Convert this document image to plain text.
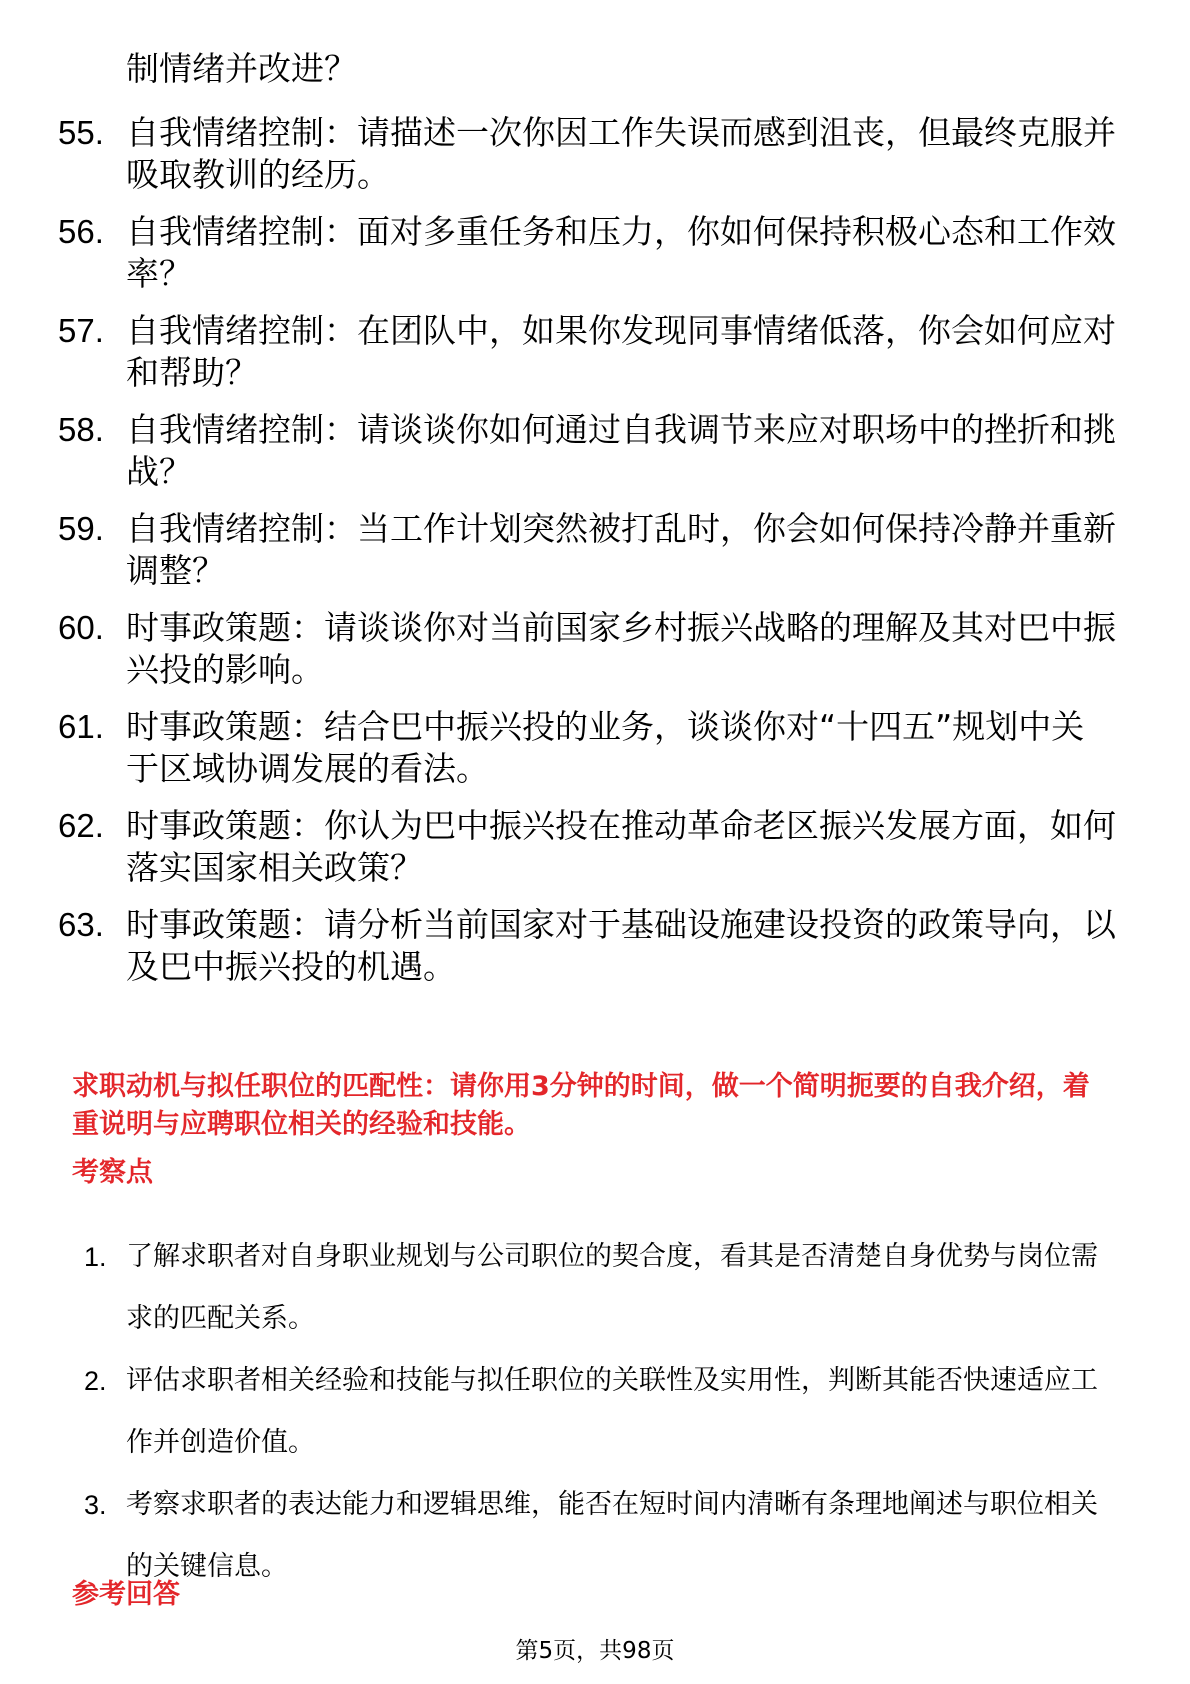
制情绪并改进？
55. 自我情绪控制：请描述一次你因工作失误而感到沮丧，但最终克服并吸取教训的经历。
56. 自我情绪控制：面对多重任务和压力，你如何保持积极心态和工作效率？
57. 自我情绪控制：在团队中，如果你发现同事情绪低落，你会如何应对和帮助？
58. 自我情绪控制：请谈谈你如何通过自我调节来应对职场中的挫折和挑战？
59. 自我情绪控制：当工作计划突然被打乱时，你会如何保持冷静并重新调整？
60. 时事政策题：请谈谈你对当前国家乡村振兴战略的理解及其对巴中振兴投的影响。
61. 时事政策题：结合巴中振兴投的业务，谈谈你对“十四五”规划中关于区域协调发展的看法。
62. 时事政策题：你认为巴中振兴投在推动革命老区振兴发展方面，如何落实国家相关政策？
63. 时事政策题：请分析当前国家对于基础设施建设投资的政策导向，以及巴中振兴投的机遇。
求职动机与拟任职位的匹配性：请你用3分钟的时间，做一个简明扼要的自我介绍，着重说明与应聘职位相关的经验和技能。
考察点
1. 了解求职者对自身职业规划与公司职位的契合度，看其是否清楚自身优势与岗位需求的匹配关系。
2. 评估求职者相关经验和技能与拟任职位的关联性及实用性，判断其能否快速适应工作并创造价值。
3. 考察求职者的表达能力和逻辑思维，能否在短时间内清晰有条理地阐述与职位相关的关键信息。
参考回答
第5页，共98页
